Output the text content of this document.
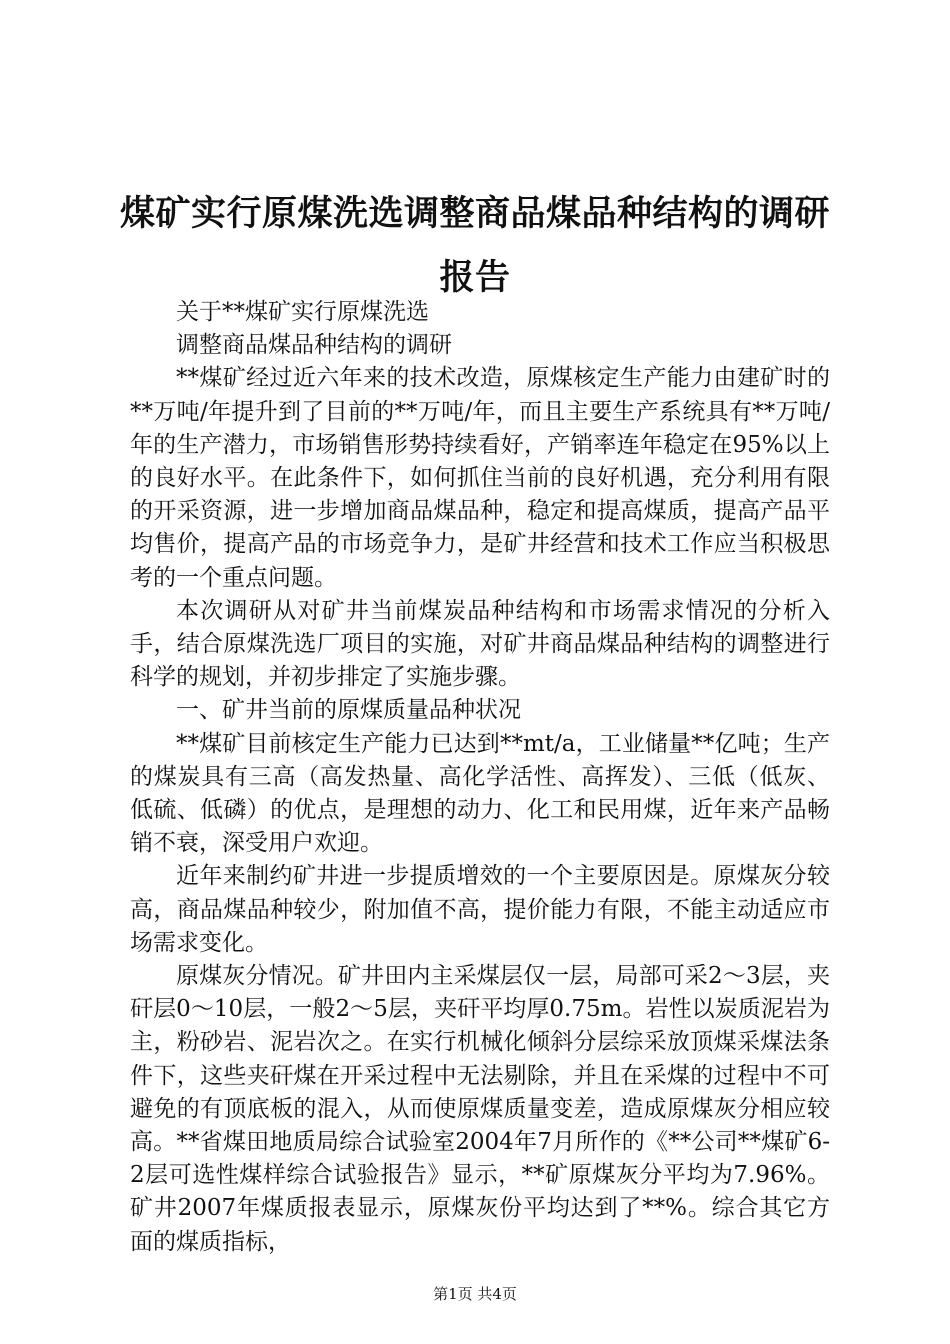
煤矿实行原煤洗选调整商品煤品种结构的调研报告

关于**煤矿实行原煤洗选

调整商品煤品种结构的调研

**煤矿经过近六年来的技术改造，原煤核定生产能力由建矿时的**万吨/年提升到了目前的**万吨/年，而且主要生产系统具有**万吨/年的生产潜力，市场销售形势持续看好，产销率连年稳定在95%以上的良好水平。在此条件下，如何抓住当前的良好机遇，充分利用有限的开采资源，进一步增加商品煤品种，稳定和提高煤质，提高产品平均售价，提高产品的市场竞争力，是矿井经营和技术工作应当积极思考的一个重点问题。

本次调研从对矿井当前煤炭品种结构和市场需求情况的分析入手，结合原煤洗选厂项目的实施，对矿井商品煤品种结构的调整进行科学的规划，并初步排定了实施步骤。

一、矿井当前的原煤质量品种状况

**煤矿目前核定生产能力已达到**mt/a，工业储量**亿吨；生产的煤炭具有三高（高发热量、高化学活性、高挥发）、三低（低灰、低硫、低磷）的优点，是理想的动力、化工和民用煤，近年来产品畅销不衰，深受用户欢迎。

近年来制约矿井进一步提质增效的一个主要原因是。原煤灰分较高，商品煤品种较少，附加值不高，提价能力有限，不能主动适应市场需求变化。

原煤灰分情况。矿井田内主采煤层仅一层，局部可采2～3层，夹矸层0～10层，一般2～5层，夹矸平均厚0.75m。岩性以炭质泥岩为主，粉砂岩、泥岩次之。在实行机械化倾斜分层综采放顶煤采煤法条件下，这些夹矸煤在开采过程中无法剔除，并且在采煤的过程中不可避免的有顶底板的混入，从而使原煤质量变差，造成原煤灰分相应较高。**省煤田地质局综合试验室2004年7月所作的《**公司**煤矿6-2层可选性煤样综合试验报告》显示，**矿原煤灰分平均为7.96%。矿井2007年煤质报表显示，原煤灰份平均达到了**%。综合其它方面的煤质指标，

第1页 共4页
